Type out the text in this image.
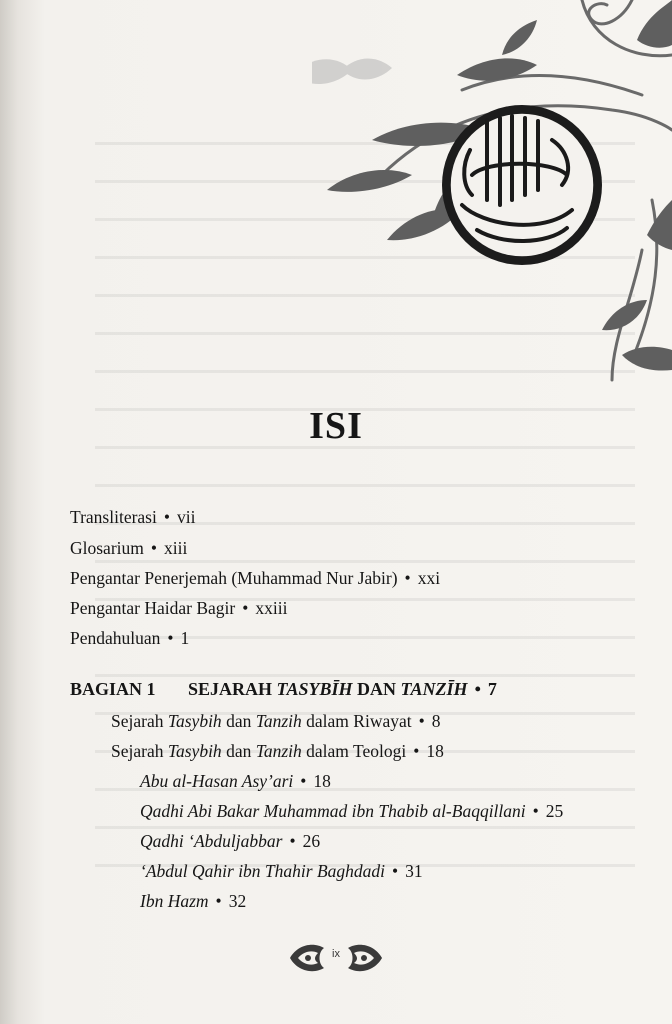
ISI
Transliterasi • vii
Glosarium • xiii
Pengantar Penerjemah (Muhammad Nur Jabir) • xxi
Pengantar Haidar Bagir • xxiii
Pendahuluan • 1
BAGIAN 1 SEJARAH TASYBĪH DAN TANZĪH • 7
Sejarah Tasybih dan Tanzih dalam Riwayat • 8
Sejarah Tasybih dan Tanzih dalam Teologi • 18
Abu al-Hasan Asy’ari • 18
Qadhi Abi Bakar Muhammad ibn Thabib al-Baqqillani • 25
Qadhi ‘Abduljabbar • 26
‘Abdul Qahir ibn Thahir Baghdadi • 31
Ibn Hazm • 32
ix
